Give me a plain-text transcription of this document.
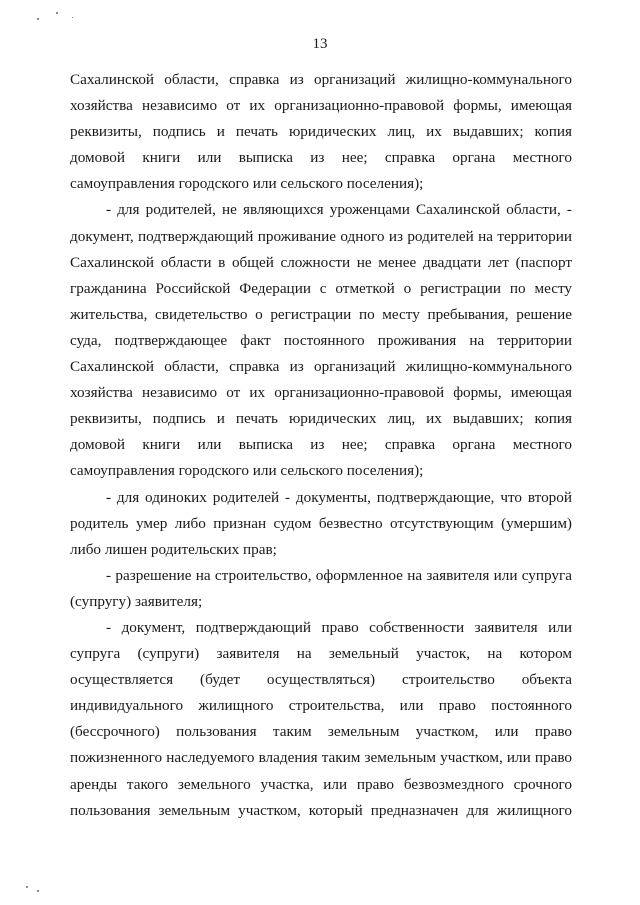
13

Сахалинской области, справка из организаций жилищно-коммунального хозяйства независимо от их организационно-правовой формы, имеющая реквизиты, подпись и печать юридических лиц, их выдавших; копия домовой книги или выписка из нее; справка органа местного самоуправления городского или сельского поселения);

- для родителей, не являющихся уроженцами Сахалинской области, - документ, подтверждающий проживание одного из родителей на территории Сахалинской области в общей сложности не менее двадцати лет (паспорт гражданина Российской Федерации с отметкой о регистрации по месту жительства, свидетельство о регистрации по месту пребывания, решение суда, подтверждающее факт постоянного проживания на территории Сахалинской области, справка из организаций жилищно-коммунального хозяйства независимо от их организационно-правовой формы, имеющая реквизиты, подпись и печать юридических лиц, их выдавших; копия домовой книги или выписка из нее; справка органа местного самоуправления городского или сельского поселения);

- для одиноких родителей - документы, подтверждающие, что второй родитель умер либо признан судом безвестно отсутствующим (умершим) либо лишен родительских прав;

- разрешение на строительство, оформленное на заявителя или супруга (супругу) заявителя;

- документ, подтверждающий право собственности заявителя или супруга (супруги) заявителя на земельный участок, на котором осуществляется (будет осуществляться) строительство объекта индивидуального жилищного строительства, или право постоянного (бессрочного) пользования таким земельным участком, или право пожизненного наследуемого владения таким земельным участком, или право аренды такого земельного участка, или право безвозмездного срочного пользования земельным участком, который предназначен для жилищного
